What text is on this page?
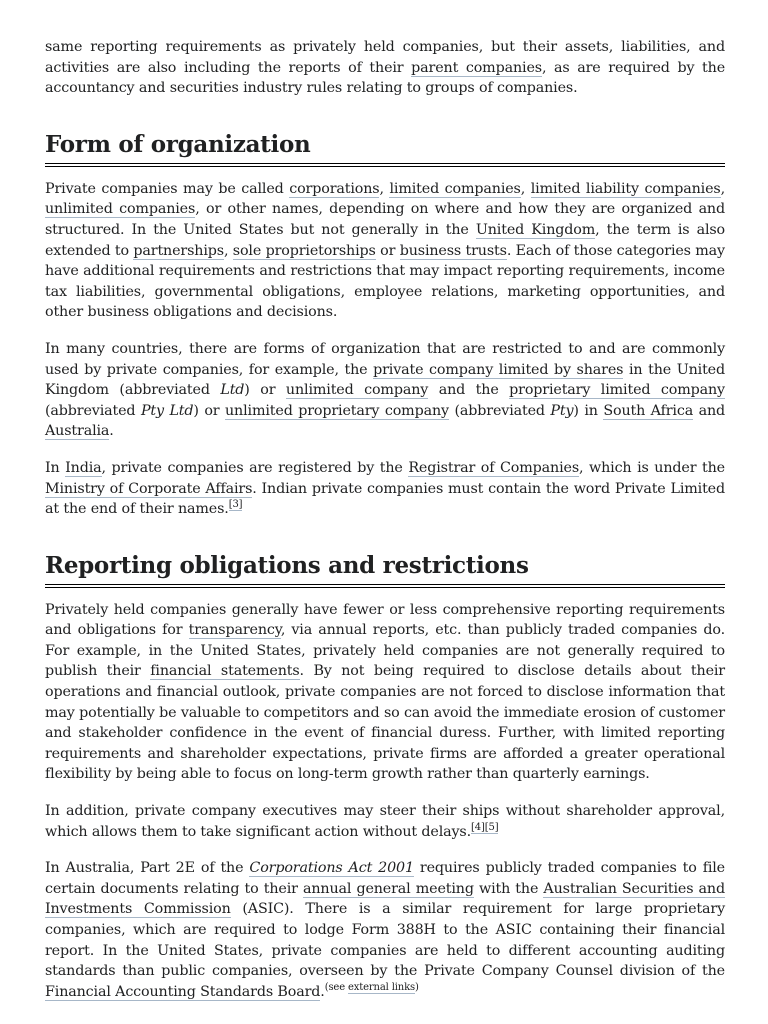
same reporting requirements as privately held companies, but their assets, liabilities, and activities are also including the reports of their parent companies, as are required by the accountancy and securities industry rules relating to groups of companies.

Form of organization

Private companies may be called corporations, limited companies, limited liability companies, unlimited companies, or other names, depending on where and how they are organized and structured. In the United States but not generally in the United Kingdom, the term is also extended to partnerships, sole proprietorships or business trusts. Each of those categories may have additional requirements and restrictions that may impact reporting requirements, income tax liabilities, governmental obligations, employee relations, marketing opportunities, and other business obligations and decisions.

In many countries, there are forms of organization that are restricted to and are commonly used by private companies, for example, the private company limited by shares in the United Kingdom (abbreviated Ltd) or unlimited company and the proprietary limited company (abbreviated Pty Ltd) or unlimited proprietary company (abbreviated Pty) in South Africa and Australia.

In India, private companies are registered by the Registrar of Companies, which is under the Ministry of Corporate Affairs. Indian private companies must contain the word Private Limited at the end of their names.[3]

Reporting obligations and restrictions

Privately held companies generally have fewer or less comprehensive reporting requirements and obligations for transparency, via annual reports, etc. than publicly traded companies do. For example, in the United States, privately held companies are not generally required to publish their financial statements. By not being required to disclose details about their operations and financial outlook, private companies are not forced to disclose information that may potentially be valuable to competitors and so can avoid the immediate erosion of customer and stakeholder confidence in the event of financial duress. Further, with limited reporting requirements and shareholder expectations, private firms are afforded a greater operational flexibility by being able to focus on long-term growth rather than quarterly earnings.

In addition, private company executives may steer their ships without shareholder approval, which allows them to take significant action without delays.[4][5]

In Australia, Part 2E of the Corporations Act 2001 requires publicly traded companies to file certain documents relating to their annual general meeting with the Australian Securities and Investments Commission (ASIC). There is a similar requirement for large proprietary companies, which are required to lodge Form 388H to the ASIC containing their financial report. In the United States, private companies are held to different accounting auditing standards than public companies, overseen by the Private Company Counsel division of the Financial Accounting Standards Board.$^{(see external links)}$
